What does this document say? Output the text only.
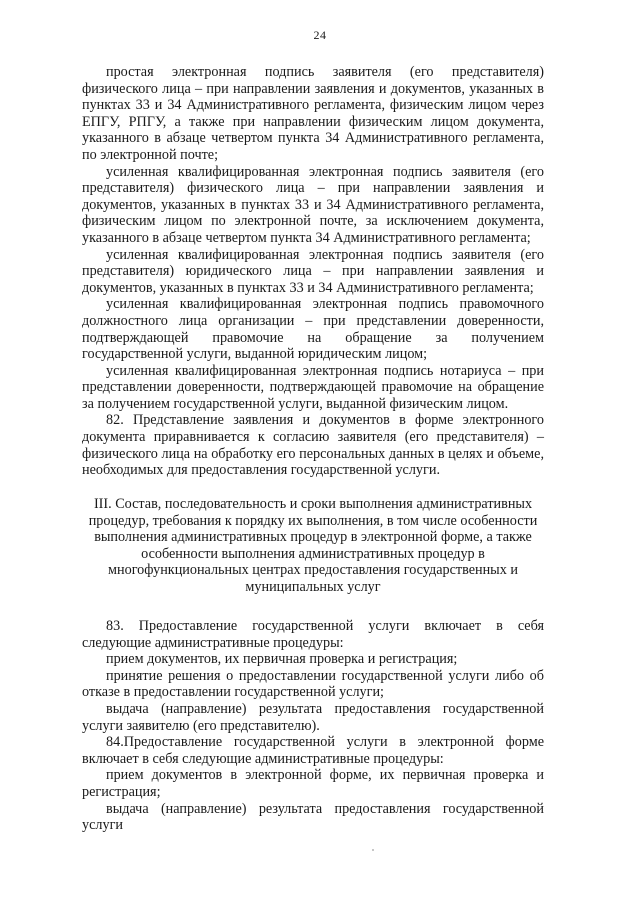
24

простая электронная подпись заявителя (его представителя) физического лица – при направлении заявления и документов, указанных в пунктах 33 и 34 Административного регламента, физическим лицом через ЕПГУ, РПГУ, а также при направлении физическим лицом документа, указанного в абзаце четвертом пункта 34 Административного регламента, по электронной почте;

усиленная квалифицированная электронная подпись заявителя (его представителя) физического лица – при направлении заявления и документов, указанных в пунктах 33 и 34 Административного регламента, физическим лицом по электронной почте, за исключением документа, указанного в абзаце четвертом пункта 34 Административного регламента;

усиленная квалифицированная электронная подпись заявителя (его представителя) юридического лица – при направлении заявления и документов, указанных в пунктах 33 и 34 Административного регламента;

усиленная квалифицированная электронная подпись правомочного должностного лица организации – при представлении доверенности, подтверждающей правомочие на обращение за получением государственной услуги, выданной юридическим лицом;

усиленная квалифицированная электронная подпись нотариуса – при представлении доверенности, подтверждающей правомочие на обращение за получением государственной услуги, выданной физическим лицом.

82. Представление заявления и документов в форме электронного документа приравнивается к согласию заявителя (его представителя) – физического лица на обработку его персональных данных в целях и объеме, необходимых для предоставления государственной услуги.

III. Состав, последовательность и сроки выполнения административных процедур, требования к порядку их выполнения, в том числе особенности выполнения административных процедур в электронной форме, а также особенности выполнения административных процедур в многофункциональных центрах предоставления государственных и муниципальных услуг

83. Предоставление государственной услуги включает в себя следующие административные процедуры:

прием документов, их первичная проверка и регистрация;

принятие решения о предоставлении государственной услуги либо об отказе в предоставлении государственной услуги;

выдача (направление) результата предоставления государственной услуги заявителю (его представителю).

84.Предоставление государственной услуги в электронной форме включает в себя следующие административные процедуры:

прием документов в электронной форме, их первичная проверка и регистрация;

выдача (направление) результата предоставления государственной услуги
